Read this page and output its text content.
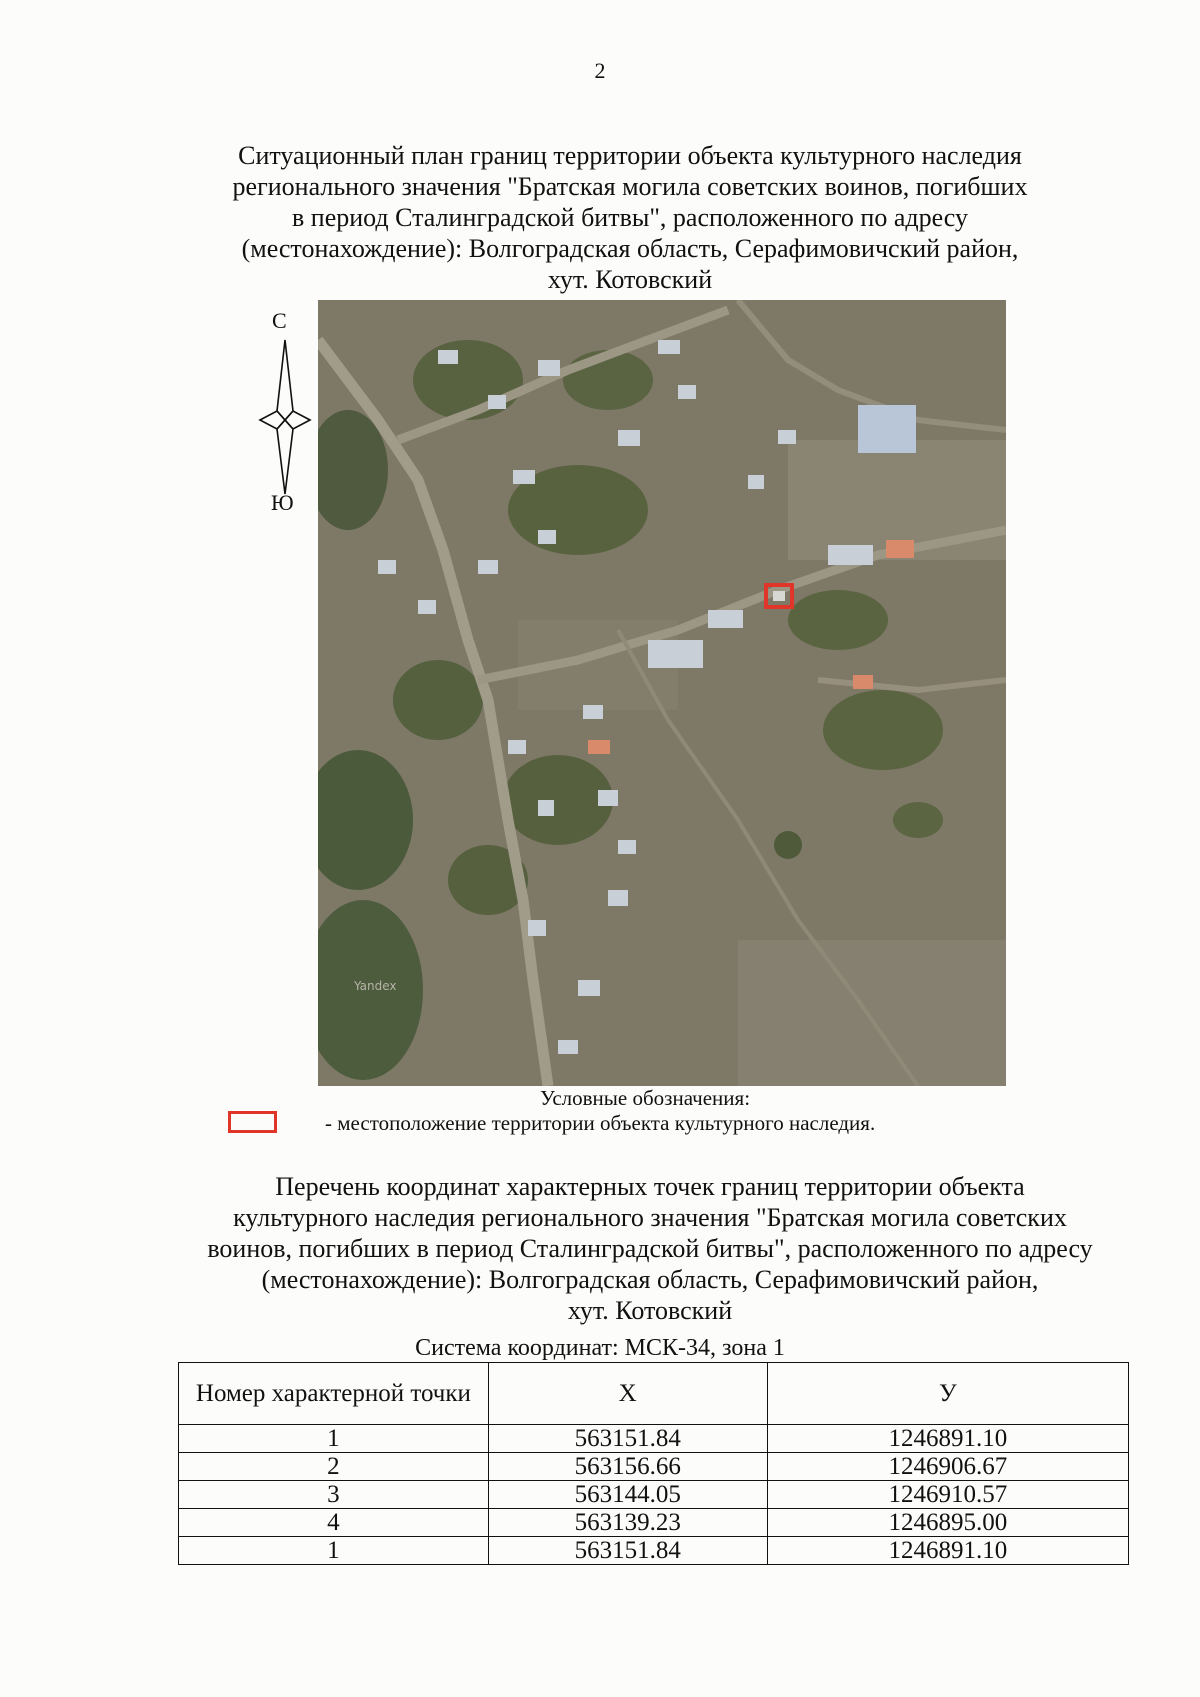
2
Ситуационный план границ территории объекта культурного наследия
регионального значения "Братская могила советских воинов, погибших
в период Сталинградской битвы", расположенного по адресу
(местонахождение): Волгоградская область, Серафимовичский район,
хут. Котовский
С
Ю
Yandex
Условные обозначения:
- местоположение территории объекта культурного наследия.
Перечень координат характерных точек границ территории объекта
культурного наследия регионального значения "Братская могила советских
воинов, погибших в период Сталинградской битвы", расположенного по адресу
(местонахождение): Волгоградская область, Серафимовичский район,
хут. Котовский
Система координат: МСК-34, зона 1
Номер характерной точки	X	У
1	563151.84	1246891.10
2	563156.66	1246906.67
3	563144.05	1246910.57
4	563139.23	1246895.00
1	563151.84	1246891.10
